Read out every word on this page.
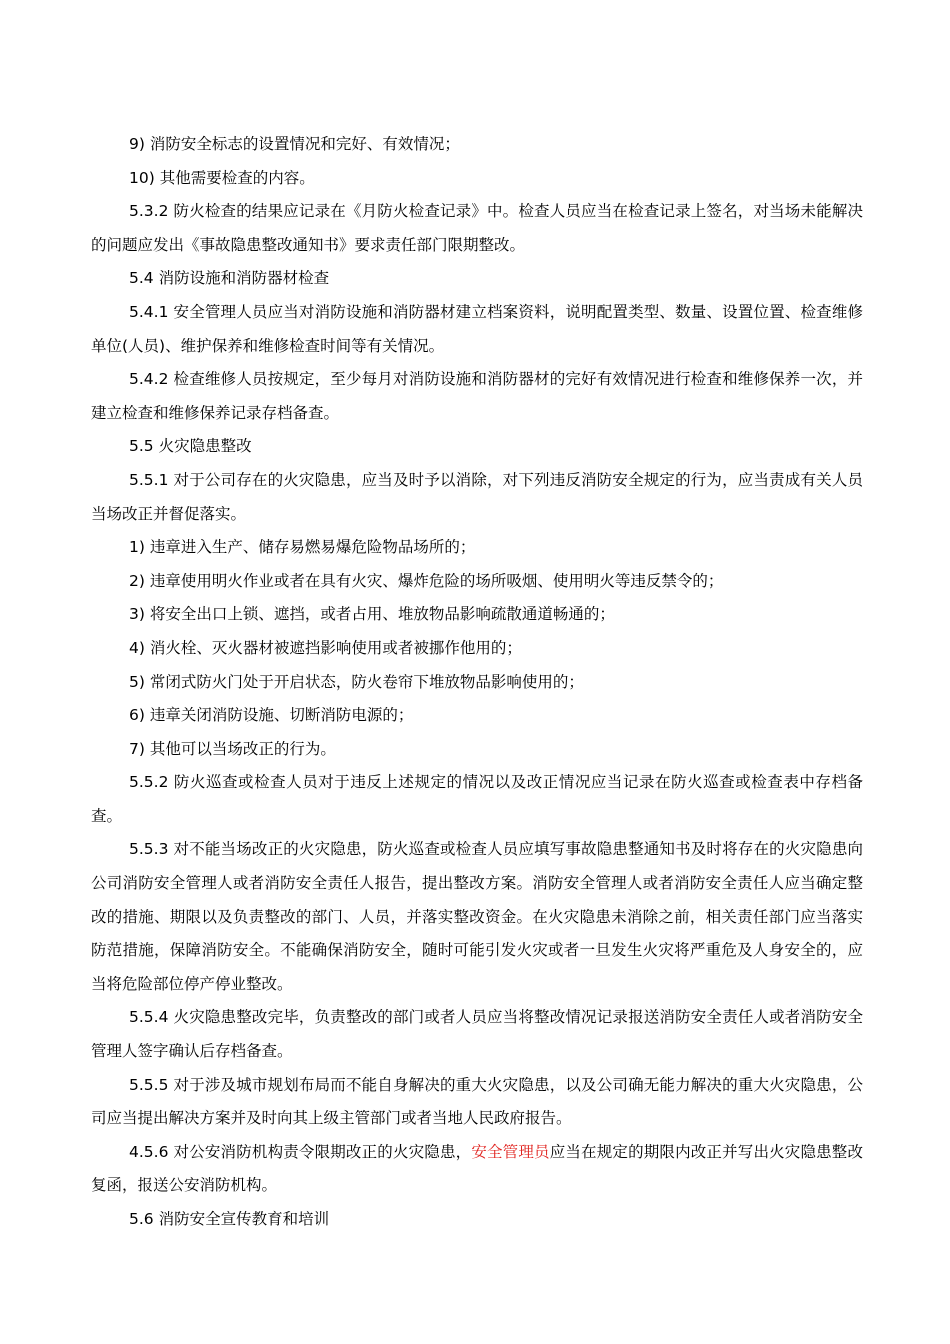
9) 消防安全标志的设置情况和完好、有效情况；

10) 其他需要检查的内容。

5.3.2 防火检查的结果应记录在《月防火检查记录》中。检查人员应当在检查记录上签名，对当场未能解决的问题应发出《事故隐患整改通知书》要求责任部门限期整改。

5.4 消防设施和消防器材检查

5.4.1 安全管理人员应当对消防设施和消防器材建立档案资料，说明配置类型、数量、设置位置、检查维修单位(人员)、维护保养和维修检查时间等有关情况。

5.4.2 检查维修人员按规定，至少每月对消防设施和消防器材的完好有效情况进行检查和维修保养一次，并建立检查和维修保养记录存档备查。

5.5 火灾隐患整改

5.5.1 对于公司存在的火灾隐患，应当及时予以消除，对下列违反消防安全规定的行为，应当责成有关人员当场改正并督促落实。

1) 违章进入生产、储存易燃易爆危险物品场所的；

2) 违章使用明火作业或者在具有火灾、爆炸危险的场所吸烟、使用明火等违反禁令的；

3) 将安全出口上锁、遮挡，或者占用、堆放物品影响疏散通道畅通的；

4) 消火栓、灭火器材被遮挡影响使用或者被挪作他用的；

5) 常闭式防火门处于开启状态，防火卷帘下堆放物品影响使用的；

6) 违章关闭消防设施、切断消防电源的；

7) 其他可以当场改正的行为。

5.5.2 防火巡查或检查人员对于违反上述规定的情况以及改正情况应当记录在防火巡查或检查表中存档备查。

5.5.3 对不能当场改正的火灾隐患，防火巡查或检查人员应填写事故隐患整通知书及时将存在的火灾隐患向公司消防安全管理人或者消防安全责任人报告，提出整改方案。消防安全管理人或者消防安全责任人应当确定整改的措施、期限以及负责整改的部门、人员，并落实整改资金。在火灾隐患未消除之前，相关责任部门应当落实防范措施，保障消防安全。不能确保消防安全，随时可能引发火灾或者一旦发生火灾将严重危及人身安全的，应当将危险部位停产停业整改。

5.5.4 火灾隐患整改完毕，负责整改的部门或者人员应当将整改情况记录报送消防安全责任人或者消防安全管理人签字确认后存档备查。

5.5.5 对于涉及城市规划布局而不能自身解决的重大火灾隐患，以及公司确无能力解决的重大火灾隐患，公司应当提出解决方案并及时向其上级主管部门或者当地人民政府报告。

4.5.6 对公安消防机构责令限期改正的火灾隐患，安全管理员应当在规定的期限内改正并写出火灾隐患整改复函，报送公安消防机构。

5.6 消防安全宣传教育和培训
